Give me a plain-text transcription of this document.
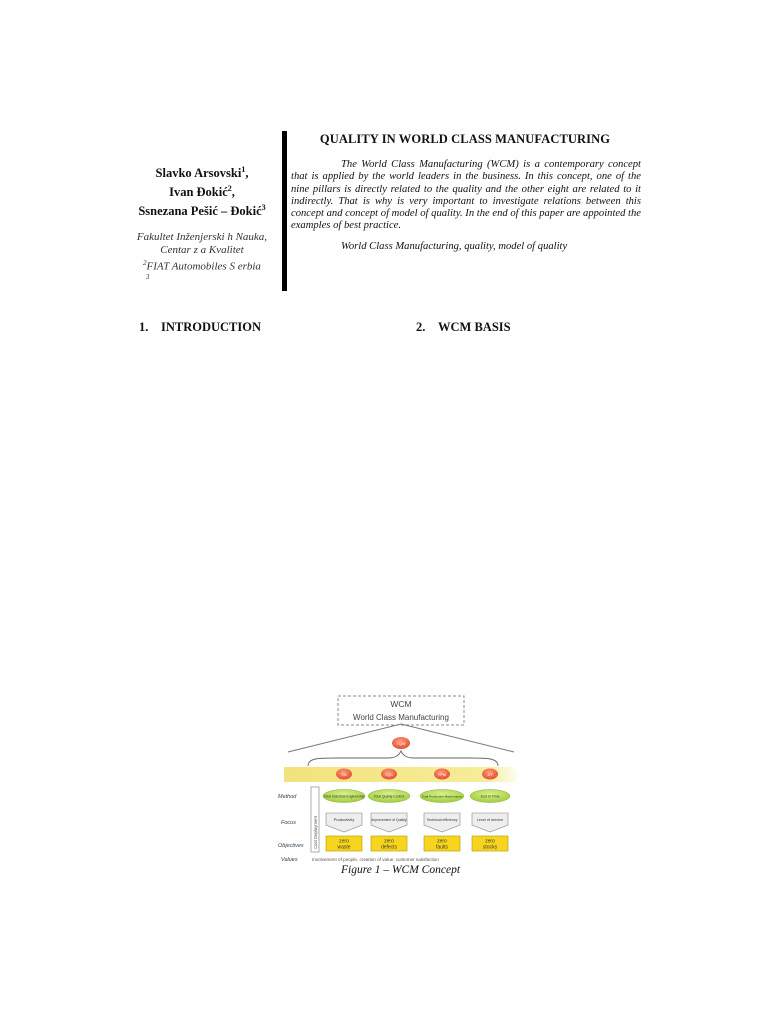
Slavko Arsovski$^1$,
Ivan Đokić$^2$,
Ssnezana Pešić – Đokić$^3$
Fakultet Inženjerski h Nauka,
Centar z a Kvalitet
$^2$FIAT Automobiles S erbia
$^3$
QUALITY IN WORLD CLASS MANUFACTURING

The World Class Manufacturing (WCM) is a contemporary concept that is applied by the world leaders in the business. In this concept, one of the nine pillars is directly related to the quality and the other eight are related to it indirectly. That is why is very important to investigate relations between this concept and concept of model of quality. In the end of this paper are appointed the examples of best practice.

World Class Manufacturing, quality, model of quality
1. INTRODUCTION	2. WCM BASIS
WCM
World Class Manufacturing
TQM
TIE	TQC	TPM	JIT
Method
Focus
Objectives
Values
Cost Deployment
Total Industrial Engineering	Total Quality Control	Total Productive Maintenance	Just in Time
Productivity	Improvement of Quality	Technical efficiency	Level of service
zero
waste
zero
defects
zero
faults
zero
stocks
Involvement of people, creation of value, customer satisfaction
Figure 1 – WCM Concept
